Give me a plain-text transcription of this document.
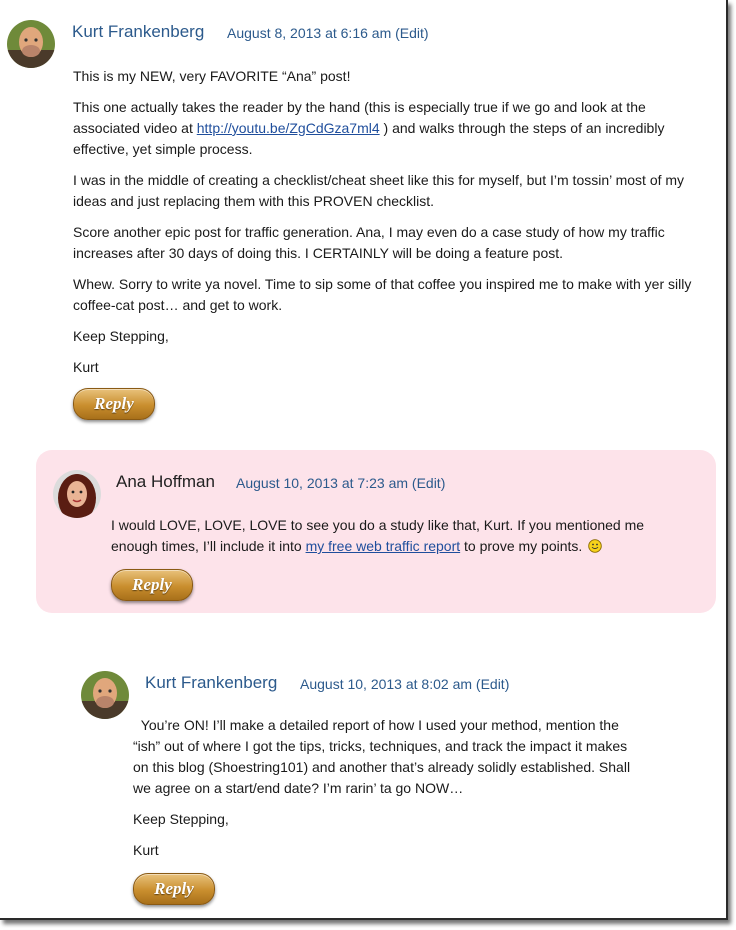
Kurt Frankenberg August 8, 2013 at 6:16 am (Edit)

This is my NEW, very FAVORITE “Ana” post!

This one actually takes the reader by the hand (this is especially true if we go and look at the associated video at http://youtu.be/ZgCdGza7ml4 ) and walks through the steps of an incredibly effective, yet simple process.

I was in the middle of creating a checklist/cheat sheet like this for myself, but I’m tossin’ most of my ideas and just replacing them with this PROVEN checklist.

Score another epic post for traffic generation. Ana, I may even do a case study of how my traffic increases after 30 days of doing this. I CERTAINLY will be doing a feature post.

Whew. Sorry to write ya novel. Time to sip some of that coffee you inspired me to make with yer silly coffee-cat post… and get to work.

Keep Stepping,

Kurt

Reply
Ana Hoffman August 10, 2013 at 7:23 am (Edit)

I would LOVE, LOVE, LOVE to see you do a study like that, Kurt. If you mentioned me enough times, I’ll include it into my free web traffic report to prove my points.

Reply
Kurt Frankenberg August 10, 2013 at 8:02 am (Edit)

You’re ON! I’ll make a detailed report of how I used your method, mention the “ish” out of where I got the tips, tricks, techniques, and track the impact it makes on this blog (Shoestring101) and another that’s already solidly established. Shall we agree on a start/end date? I’m rarin’ ta go NOW…

Keep Stepping,

Kurt

Reply
